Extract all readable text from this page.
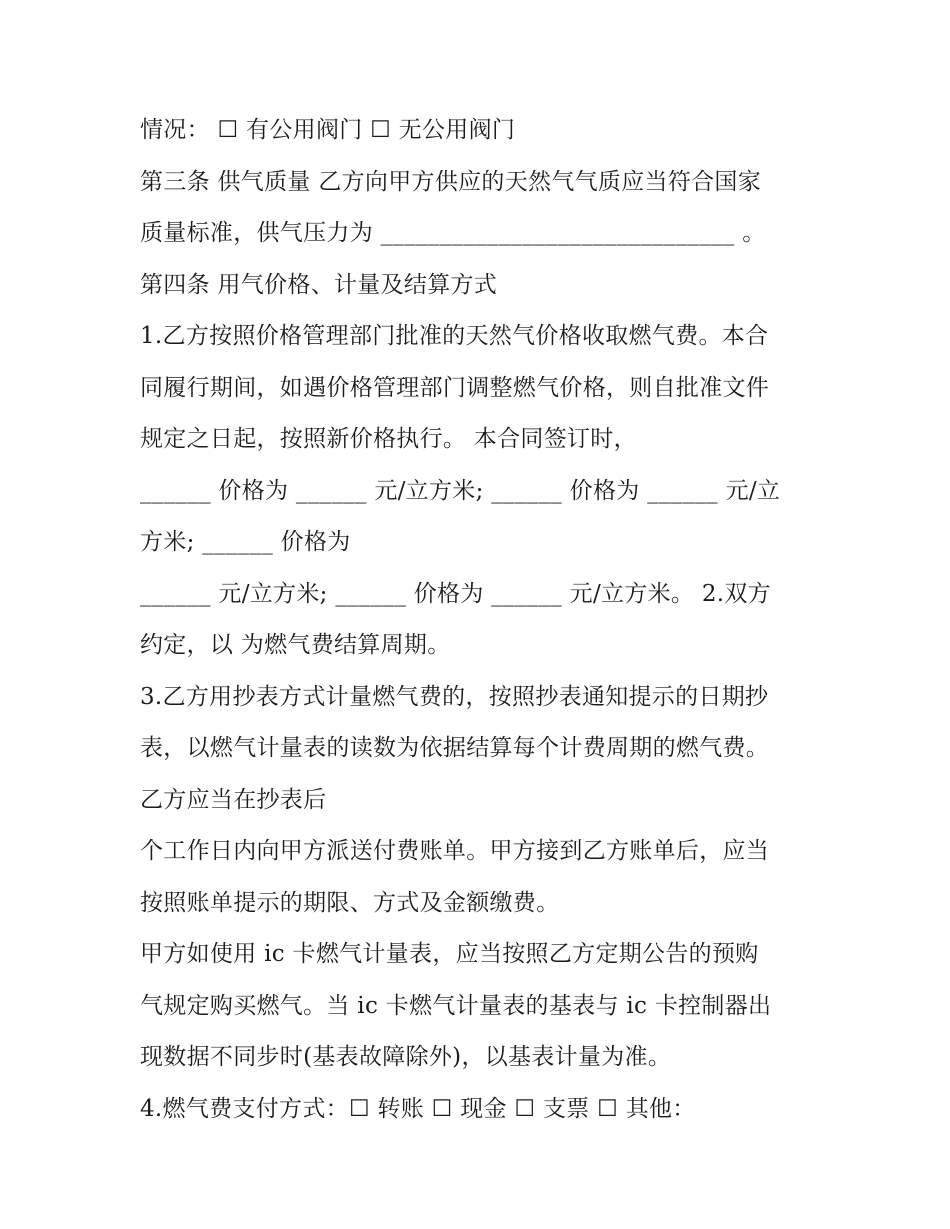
情况： ☐ 有公用阀门 ☐ 无公用阀门
第三条 供气质量 乙方向甲方供应的天然气气质应当符合国家
质量标准，供气压力为 ______________________________ 。
第四条 用气价格、计量及结算方式
1.乙方按照价格管理部门批准的天然气价格收取燃气费。本合
同履行期间，如遇价格管理部门调整燃气价格，则自批准文件
规定之日起，按照新价格执行。 本合同签订时，
______ 价格为 ______ 元/立方米; ______ 价格为 ______ 元/立
方米; ______ 价格为
______ 元/立方米; ______ 价格为 ______ 元/立方米。 2.双方
约定，以 为燃气费结算周期。
3.乙方用抄表方式计量燃气费的，按照抄表通知提示的日期抄
表，以燃气计量表的读数为依据结算每个计费周期的燃气费。
乙方应当在抄表后
个工作日内向甲方派送付费账单。甲方接到乙方账单后，应当
按照账单提示的期限、方式及金额缴费。
甲方如使用 ic 卡燃气计量表，应当按照乙方定期公告的预购
气规定购买燃气。当 ic 卡燃气计量表的基表与 ic 卡控制器出
现数据不同步时(基表故障除外)，以基表计量为准。
4.燃气费支付方式：☐ 转账 ☐ 现金 ☐ 支票 ☐ 其他：
